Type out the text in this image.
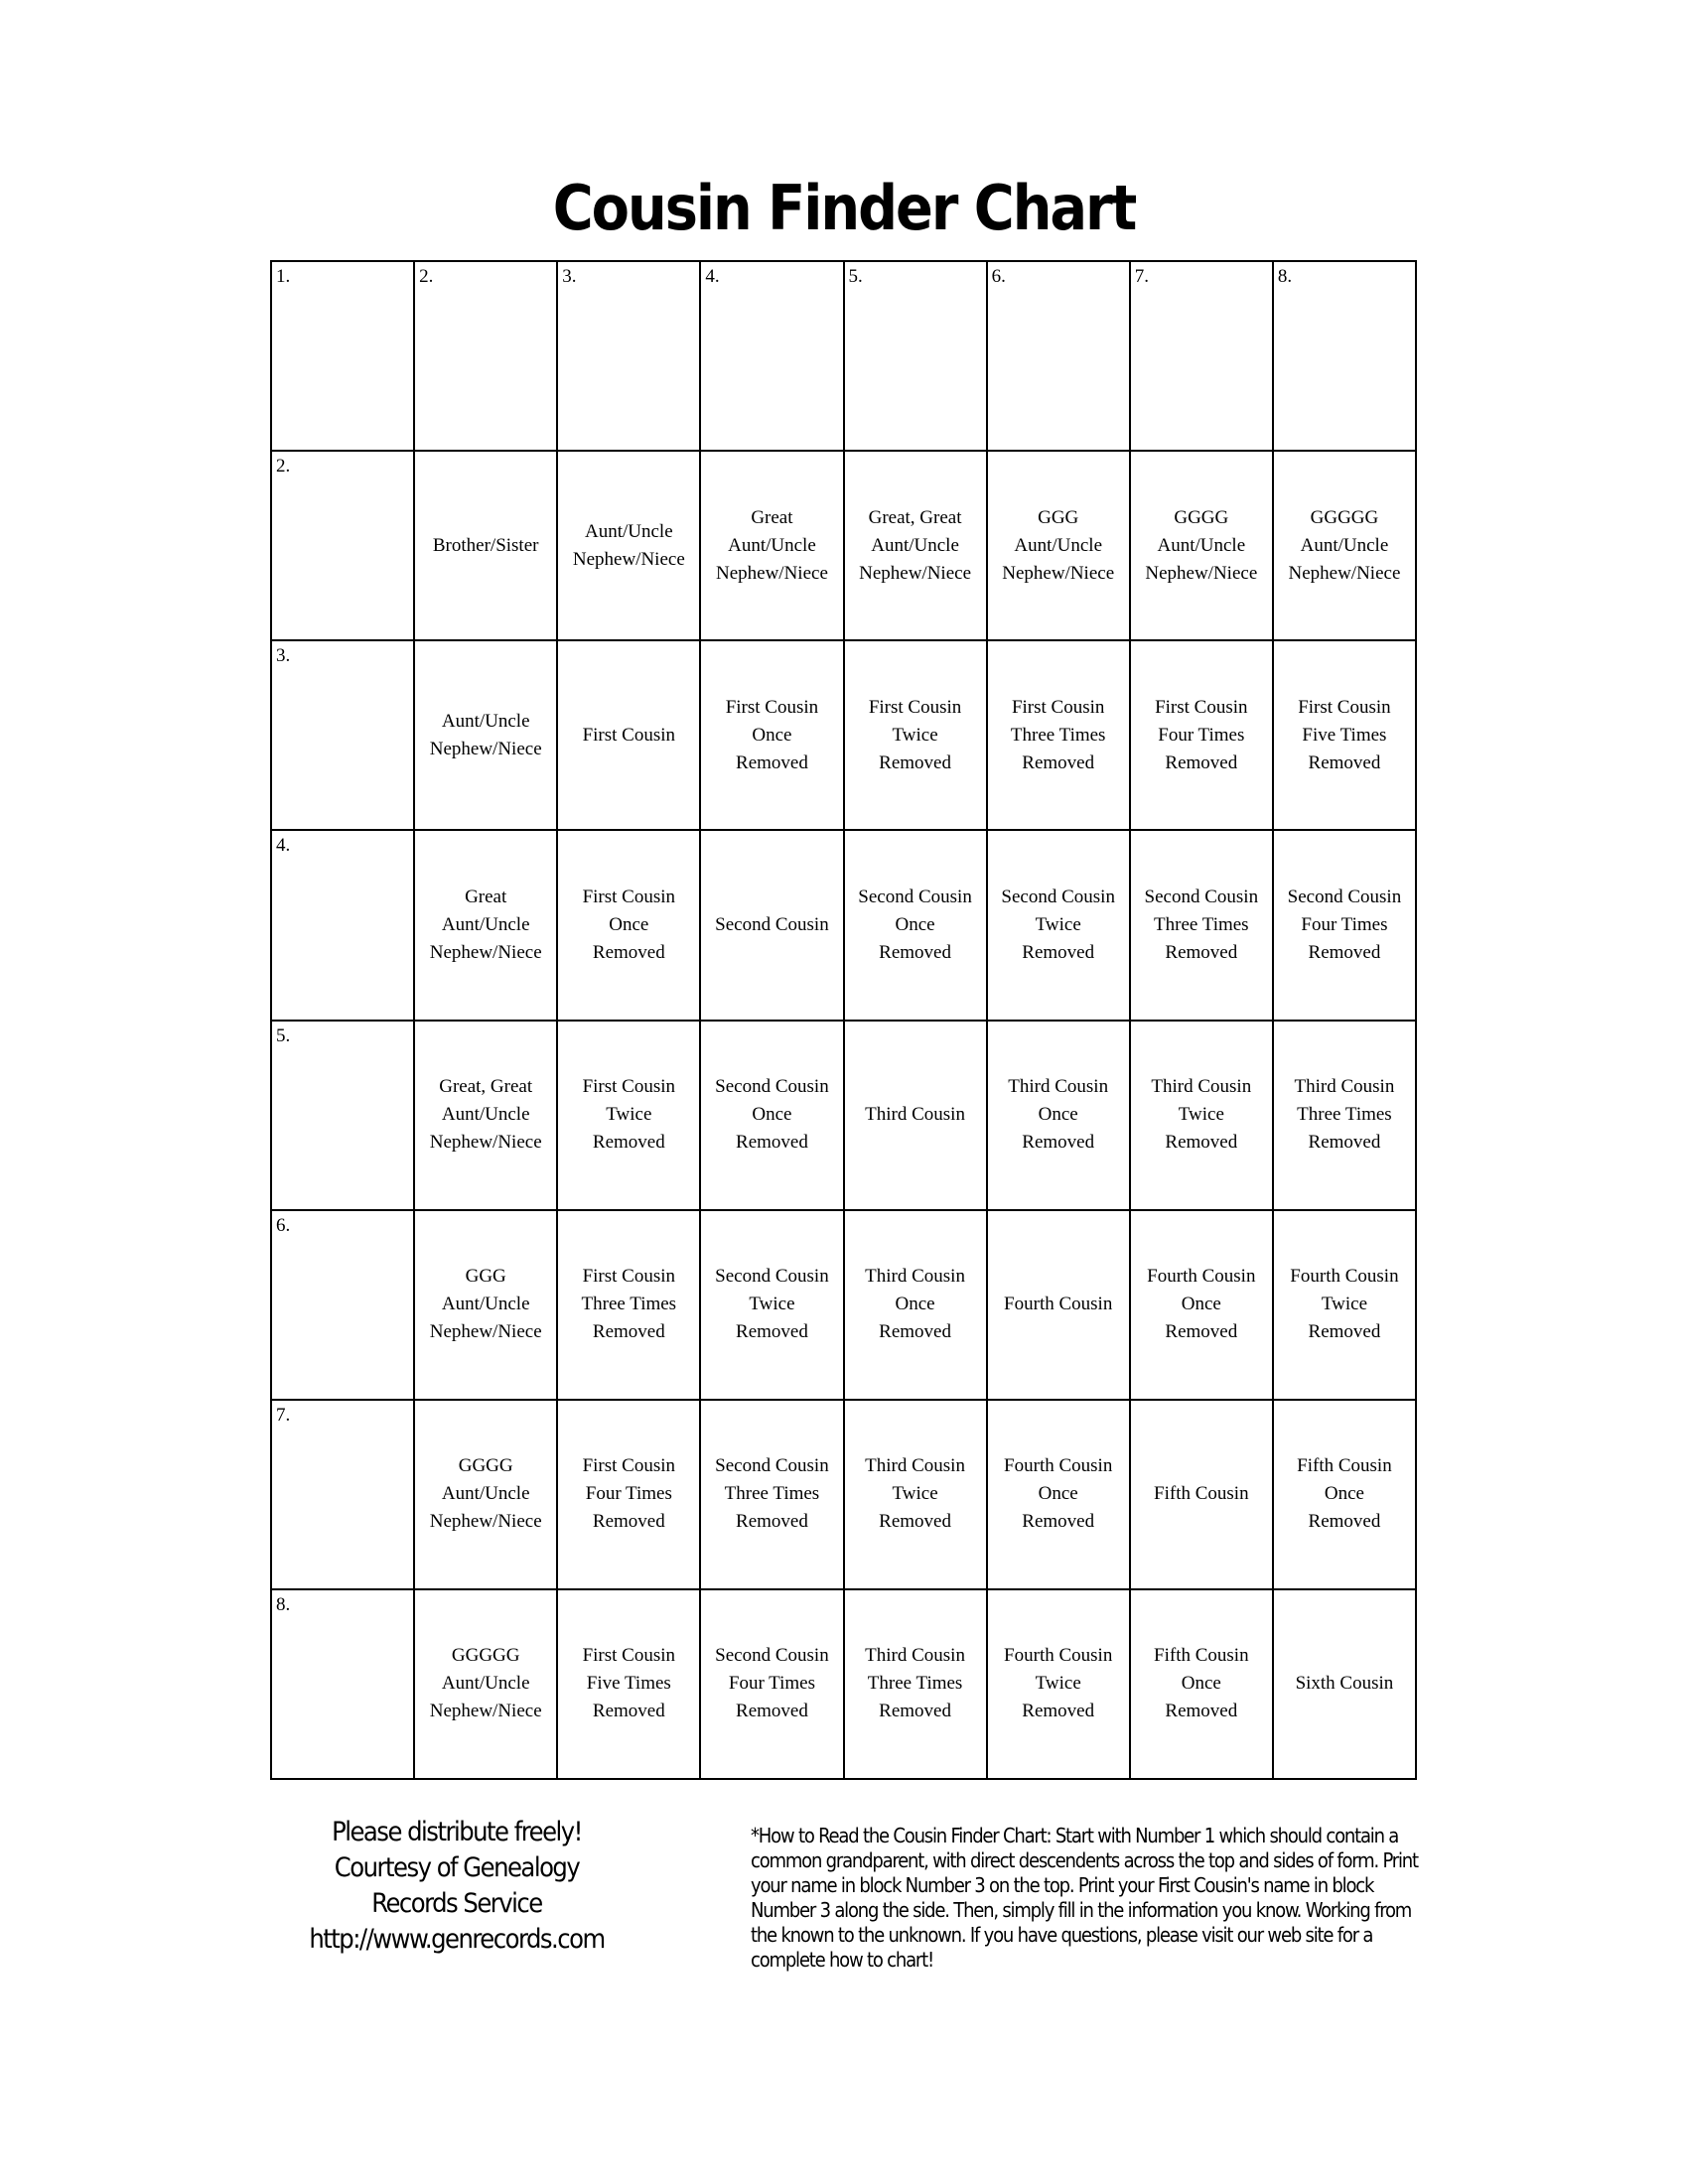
Cousin Finder Chart
1.	2.	3.	4.	5.	6.	7.	8.

2.	Brother/Sister	Aunt/Uncle
Nephew/Niece	Great
Aunt/Uncle
Nephew/Niece	Great, Great
Aunt/Uncle
Nephew/Niece	GGG
Aunt/Uncle
Nephew/Niece	GGGG
Aunt/Uncle
Nephew/Niece	GGGGG
Aunt/Uncle
Nephew/Niece

3.	Aunt/Uncle
Nephew/Niece	First Cousin	First Cousin
Once
Removed	First Cousin
Twice
Removed	First Cousin
Three Times
Removed	First Cousin
Four Times
Removed	First Cousin
Five Times
Removed

4.	Great
Aunt/Uncle
Nephew/Niece	First Cousin
Once
Removed	Second Cousin	Second Cousin
Once
Removed	Second Cousin
Twice
Removed	Second Cousin
Three Times
Removed	Second Cousin
Four Times
Removed

5.	Great, Great
Aunt/Uncle
Nephew/Niece	First Cousin
Twice
Removed	Second Cousin
Once
Removed	Third Cousin	Third Cousin
Once
Removed	Third Cousin
Twice
Removed	Third Cousin
Three Times
Removed

6.	GGG
Aunt/Uncle
Nephew/Niece	First Cousin
Three Times
Removed	Second Cousin
Twice
Removed	Third Cousin
Once
Removed	Fourth Cousin	Fourth Cousin
Once
Removed	Fourth Cousin
Twice
Removed

7.	GGGG
Aunt/Uncle
Nephew/Niece	First Cousin
Four Times
Removed	Second Cousin
Three Times
Removed	Third Cousin
Twice
Removed	Fourth Cousin
Once
Removed	Fifth Cousin	Fifth Cousin
Once
Removed

8.	GGGGG
Aunt/Uncle
Nephew/Niece	First Cousin
Five Times
Removed	Second Cousin
Four Times
Removed	Third Cousin
Three Times
Removed	Fourth Cousin
Twice
Removed	Fifth Cousin
Once
Removed	Sixth Cousin
Please distribute freely!
Courtesy of Genealogy
Records Service
http://www.genrecords.com
*How to Read the Cousin Finder Chart: Start with Number 1 which should contain a common grandparent, with direct descendents across the top and sides of form. Print your name in block Number 3 on the top. Print your First Cousin's name in block Number 3 along the side. Then, simply fill in the information you know. Working from the known to the unknown. If you have questions, please visit our web site for a complete how to chart!
